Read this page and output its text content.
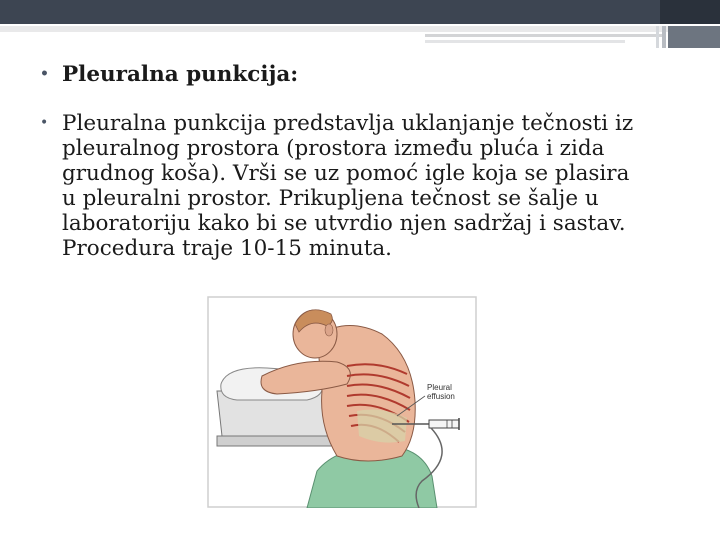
• Pleuralna punkcija:
• Pleuralna punkcija predstavlja uklanjanje tečnosti iz
pleuralnog prostora (prostora između pluća i zida
grudnog koša). Vrši se uz pomoć igle koja se plasira
u pleuralni prostor. Prikupljena tečnost se šalje u
laboratoriju kako bi se utvrdio njen sadržaj i sastav.
Procedura traje 10-15 minuta.
Pleural
effusion
